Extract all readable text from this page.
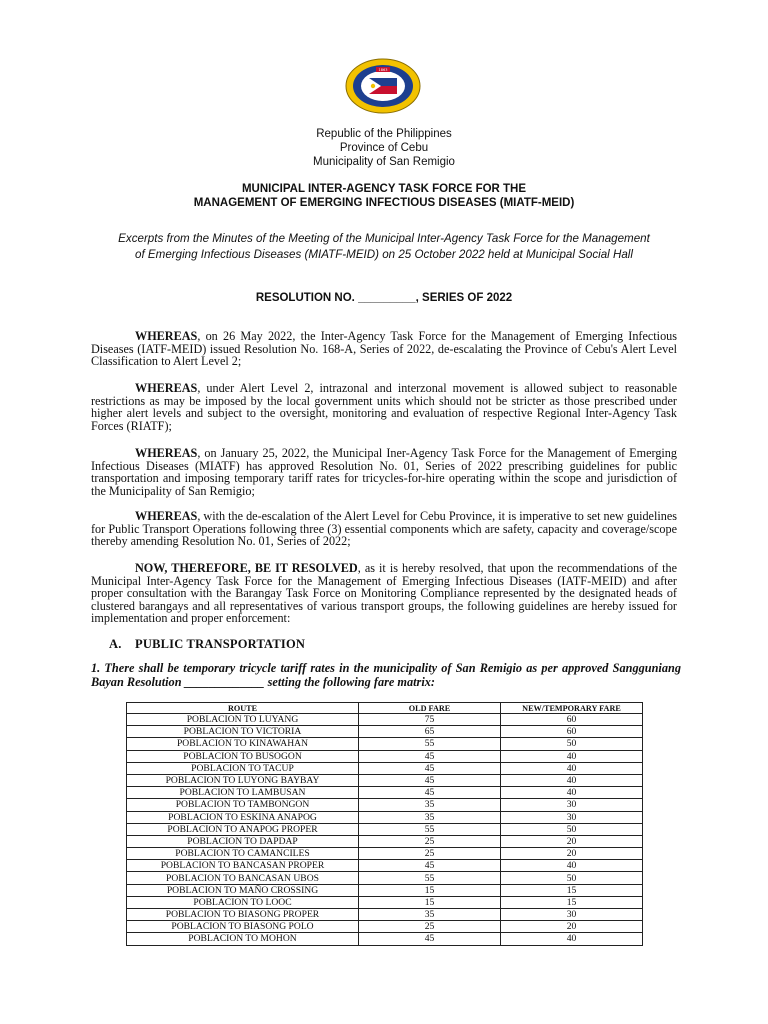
1863
Republic of the Philippines
Province of Cebu
Municipality of San Remigio
MUNICIPAL INTER-AGENCY TASK FORCE FOR THE
MANAGEMENT OF EMERGING INFECTIOUS DISEASES (MIATF-MEID)
Excerpts from the Minutes of the Meeting of the Municipal Inter-Agency Task Force for the Management
of Emerging Infectious Diseases (MIATF-MEID) on 25 October 2022 held at Municipal Social Hall
RESOLUTION NO. _________, SERIES OF 2022
WHEREAS, on 26 May 2022, the Inter-Agency Task Force for the Management of Emerging Infectious Diseases (IATF-MEID) issued Resolution No. 168-A, Series of 2022, de-escalating the Province of Cebu's Alert Level Classification to Alert Level 2;
WHEREAS, under Alert Level 2, intrazonal and interzonal movement is allowed subject to reasonable restrictions as may be imposed by the local government units which should not be stricter as those prescribed under higher alert levels and subject to the oversight, monitoring and evaluation of respective Regional Inter-Agency Task Forces (RIATF);
WHEREAS, on January 25, 2022, the Municipal Iner-Agency Task Force for the Management of Emerging Infectious Diseases (MIATF) has approved Resolution No. 01, Series of 2022 prescribing guidelines for public transportation and imposing temporary tariff rates for tricycles-for-hire operating within the scope and jurisdiction of the Municipality of San Remigio;
WHEREAS, with the de-escalation of the Alert Level for Cebu Province, it is imperative to set new guidelines for Public Transport Operations following three (3) essential components which are safety, capacity and coverage/scope thereby amending Resolution No. 01, Series of 2022;
NOW, THEREFORE, BE IT RESOLVED, as it is hereby resolved, that upon the recommendations of the Municipal Inter-Agency Task Force for the Management of Emerging Infectious Diseases (IATF-MEID) and after proper consultation with the Barangay Task Force on Monitoring Compliance represented by the designated heads of clustered barangays and all representatives of various transport groups, the following guidelines are hereby issued for implementation and proper enforcement:
A. PUBLIC TRANSPORTATION
1. There shall be temporary tricycle tariff rates in the municipality of San Remigio as per approved Sangguniang Bayan Resolution _____________ setting the following fare matrix:
ROUTE	OLD FARE	NEW/TEMPORARY FARE
POBLACION TO LUYANG	75	60
POBLACION TO VICTORIA	65	60
POBLACION TO KINAWAHAN	55	50
POBLACION TO BUSOGON	45	40
POBLACION TO TACUP	45	40
POBLACION TO LUYONG BAYBAY	45	40
POBLACION TO LAMBUSAN	45	40
POBLACION TO TAMBONGON	35	30
POBLACION TO ESKINA ANAPOG	35	30
POBLACION TO ANAPOG PROPER	55	50
POBLACION TO DAPDAP	25	20
POBLACION TO CAMANCILES	25	20
POBLACION TO BANCASAN PROPER	45	40
POBLACION TO BANCASAN UBOS	55	50
POBLACION TO MAÑO CROSSING	15	15
POBLACION TO LOOC	15	15
POBLACION TO BIASONG PROPER	35	30
POBLACION TO BIASONG POLO	25	20
POBLACION TO MOHON	45	40
